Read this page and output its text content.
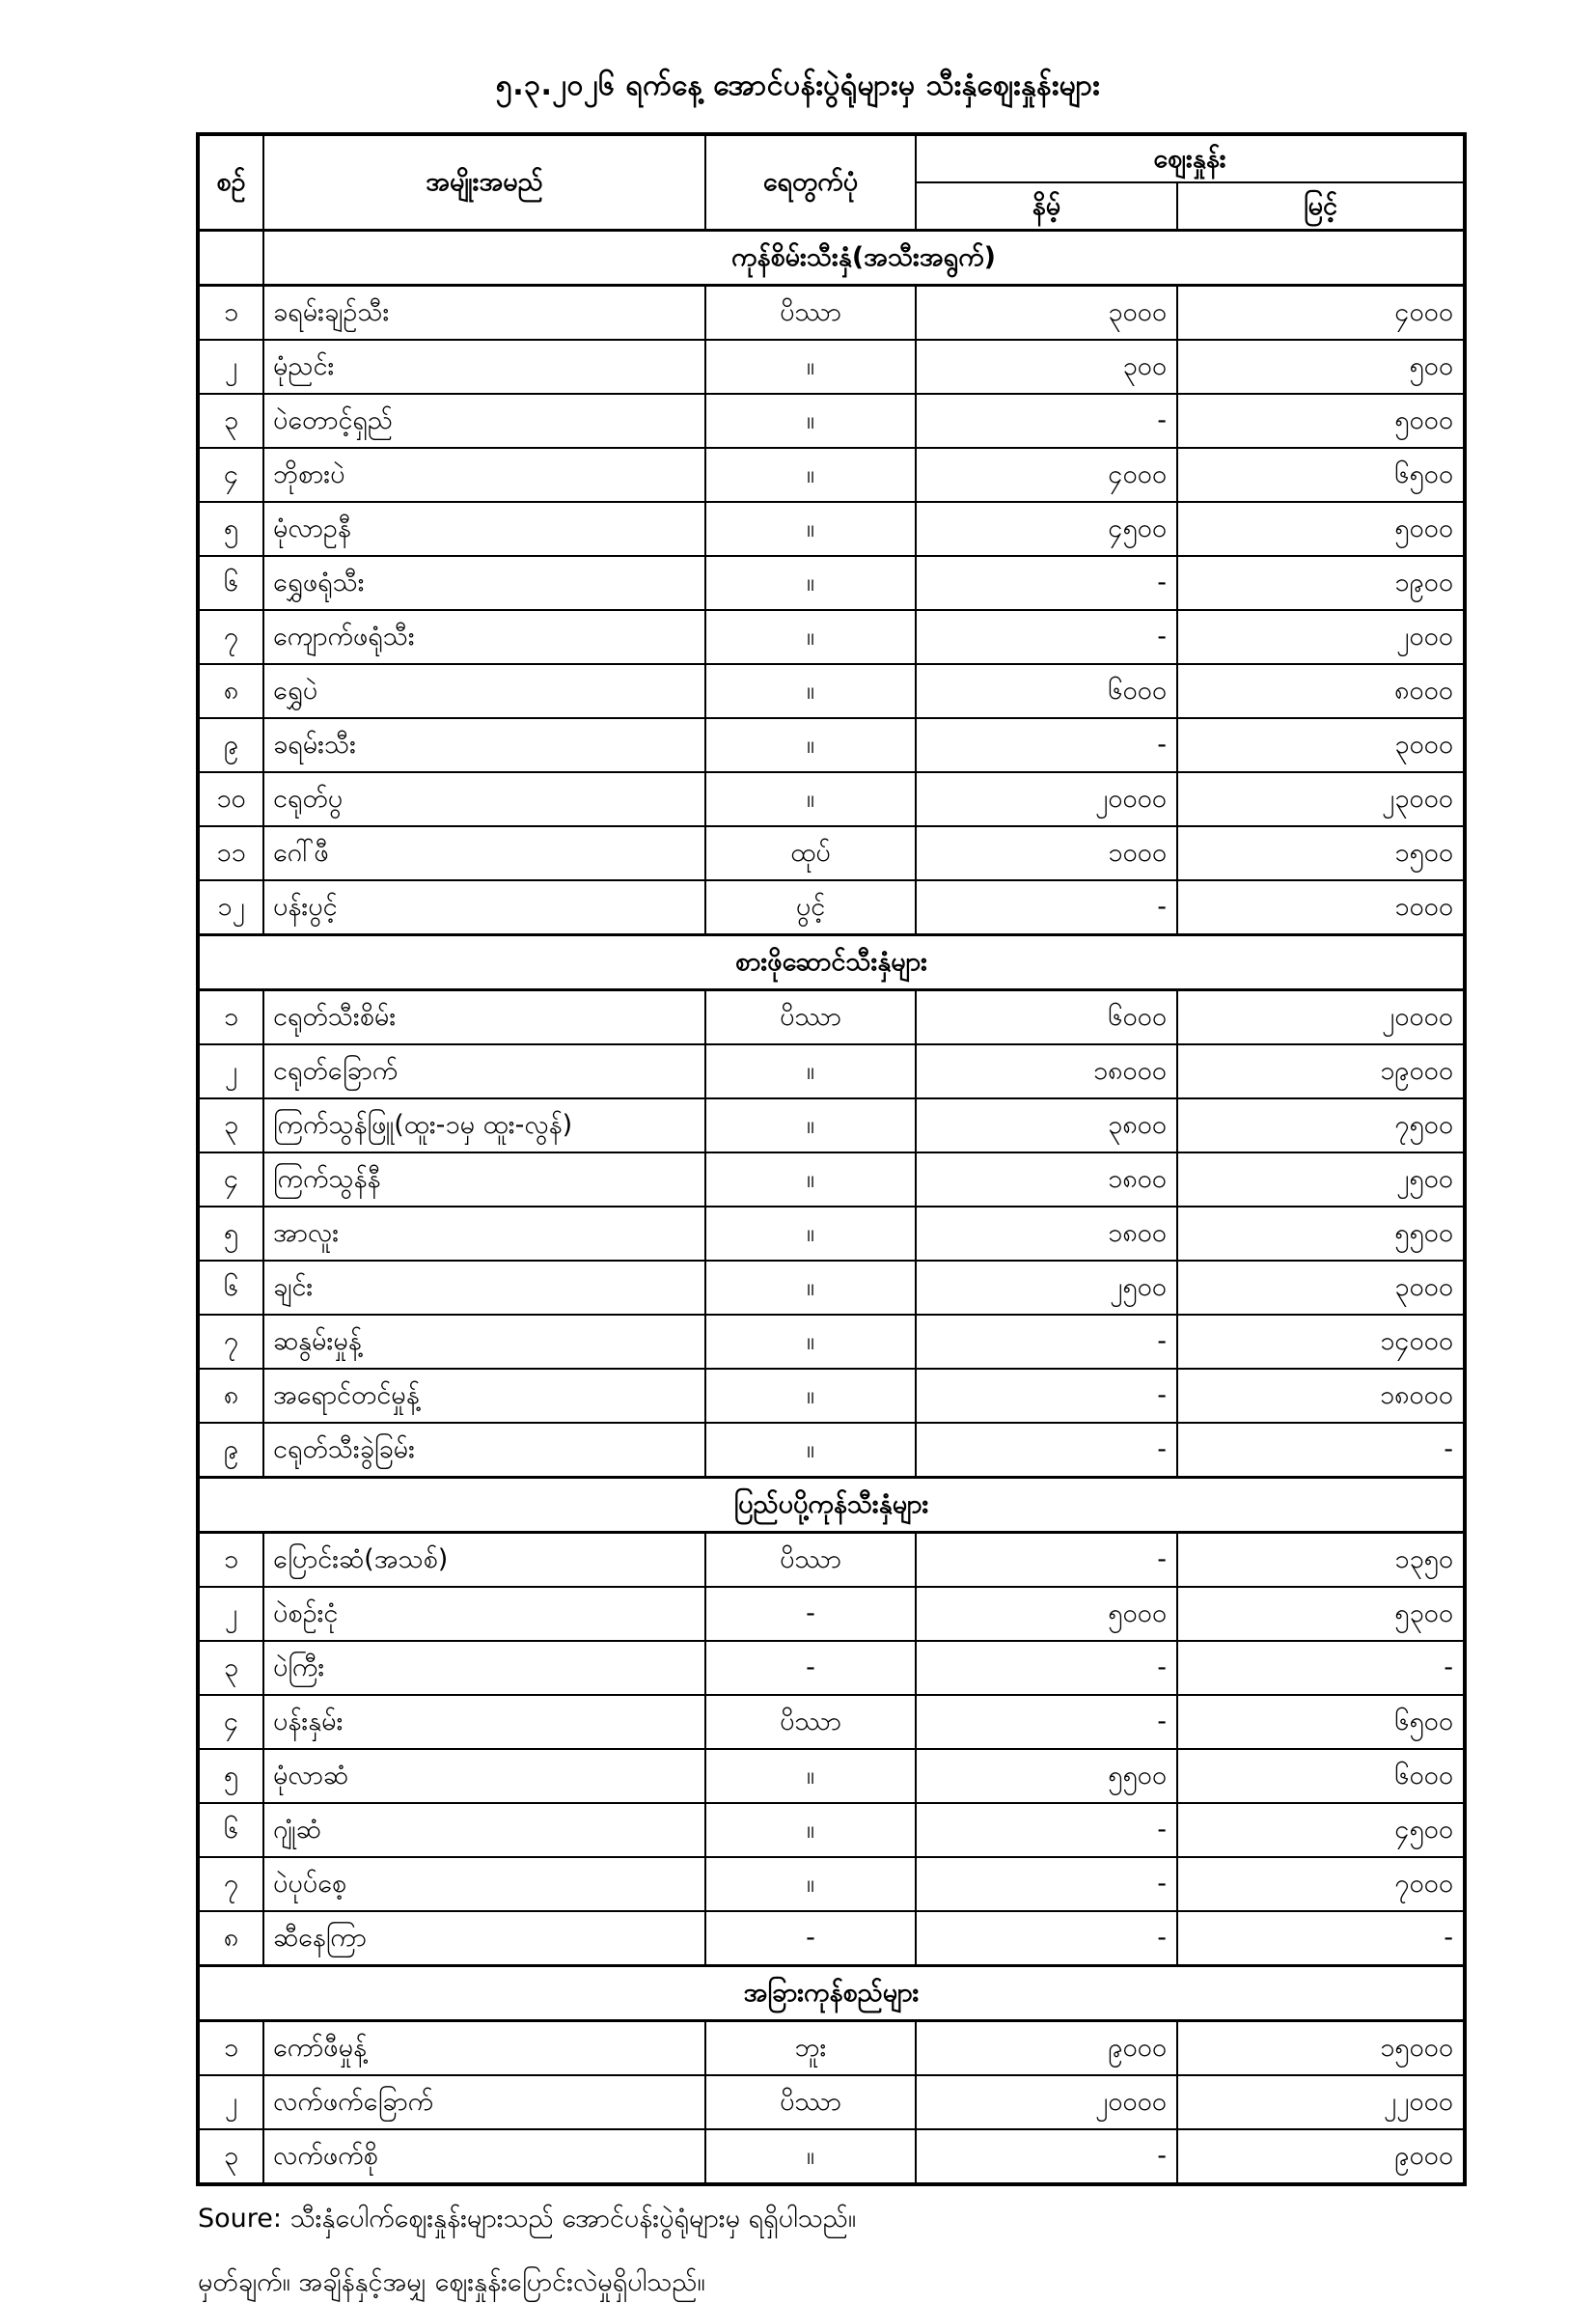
၅.၃.၂၀၂၆ ရက်နေ့ အောင်ပန်းပွဲရုံများမှ သီးနှံဈေးနှုန်းများ
စဉ်	အမျိုးအမည်	ရေတွက်ပုံ	ဈေးနှုန်း	
			နိမ့်	မြင့်
	ကုန်စိမ်းသီးနှံ(အသီးအရွက်)			
၁	ခရမ်းချဉ်သီး	ပိဿာ	၃၀၀၀	၄၀၀၀
၂	မုံညင်း	။	၃၀၀	၅၀၀
၃	ပဲတောင့်ရှည်	။	-	၅၀၀၀
၄	ဘိုစားပဲ	။	၄၀၀၀	၆၅၀၀
၅	မုံလာဥနီ	။	၄၅၀၀	၅၀၀၀
၆	ရွှေဖရုံသီး	။	-	၁၉၀၀
၇	ကျောက်ဖရုံသီး	။	-	၂၀၀၀
၈	ရွှေပဲ	။	၆၀၀၀	၈၀၀၀
၉	ခရမ်းသီး	။	-	၃၀၀၀
၁၀	ငရုတ်ပွ	။	၂၀၀၀၀	၂၃၀၀၀
၁၁	ဂေါ်ဖီ	ထုပ်	၁၀၀၀	၁၅၀၀
၁၂	ပန်းပွင့်	ပွင့်	-	၁၀၀၀
စားဖိုဆောင်သီးနှံများ				
၁	ငရုတ်သီးစိမ်း	ပိဿာ	၆၀၀၀	၂၀၀၀၀
၂	ငရုတ်ခြောက်	။	၁၈၀၀၀	၁၉၀၀၀
၃	ကြက်သွန်ဖြူ(ထူး-၁မှ ထူး-လွန်)	။	၃၈၀၀	၇၅၀၀
၄	ကြက်သွန်နီ	။	၁၈၀၀	၂၅၀၀
၅	အာလူး	။	၁၈၀၀	၅၅၀၀
၆	ချင်း	။	၂၅၀၀	၃၀၀၀
၇	ဆနွမ်းမှုန့်	။	-	၁၄၀၀၀
၈	အရောင်တင်မှုန့်	။	-	၁၈၀၀၀
၉	ငရုတ်သီးခွဲခြမ်း	။	-	-
ပြည်ပပို့ကုန်သီးနှံများ				
၁	ပြောင်းဆံ(အသစ်)	ပိဿာ	-	၁၃၅၀
၂	ပဲစဉ်းငုံ	-	၅၀၀၀	၅၃၀၀
၃	ပဲကြီး	-	-	-
၄	ပန်းနှမ်း	ပိဿာ	-	၆၅၀၀
၅	မုံလာဆံ	။	၅၅၀၀	၆၀၀၀
၆	ဂျုံဆံ	။	-	၄၅၀၀
၇	ပဲပုပ်စေ့	။	-	၇၀၀၀
၈	ဆီနေကြာ	-	-	-
အခြားကုန်စည်များ				
၁	ကော်ဖီမှုန့်	ဘူး	၉၀၀၀	၁၅၀၀၀
၂	လက်ဖက်ခြောက်	ပိဿာ	၂၀၀၀၀	၂၂၀၀၀
၃	လက်ဖက်စို	။	-	၉၀၀၀
Soure: သီးနှံပေါက်ဈေးနှုန်းများသည် အောင်ပန်းပွဲရုံများမှ ရရှိပါသည်။
မှတ်ချက်။ အချိန်နှင့်အမျှ ဈေးနှုန်းပြောင်းလဲမှုရှိပါသည်။
